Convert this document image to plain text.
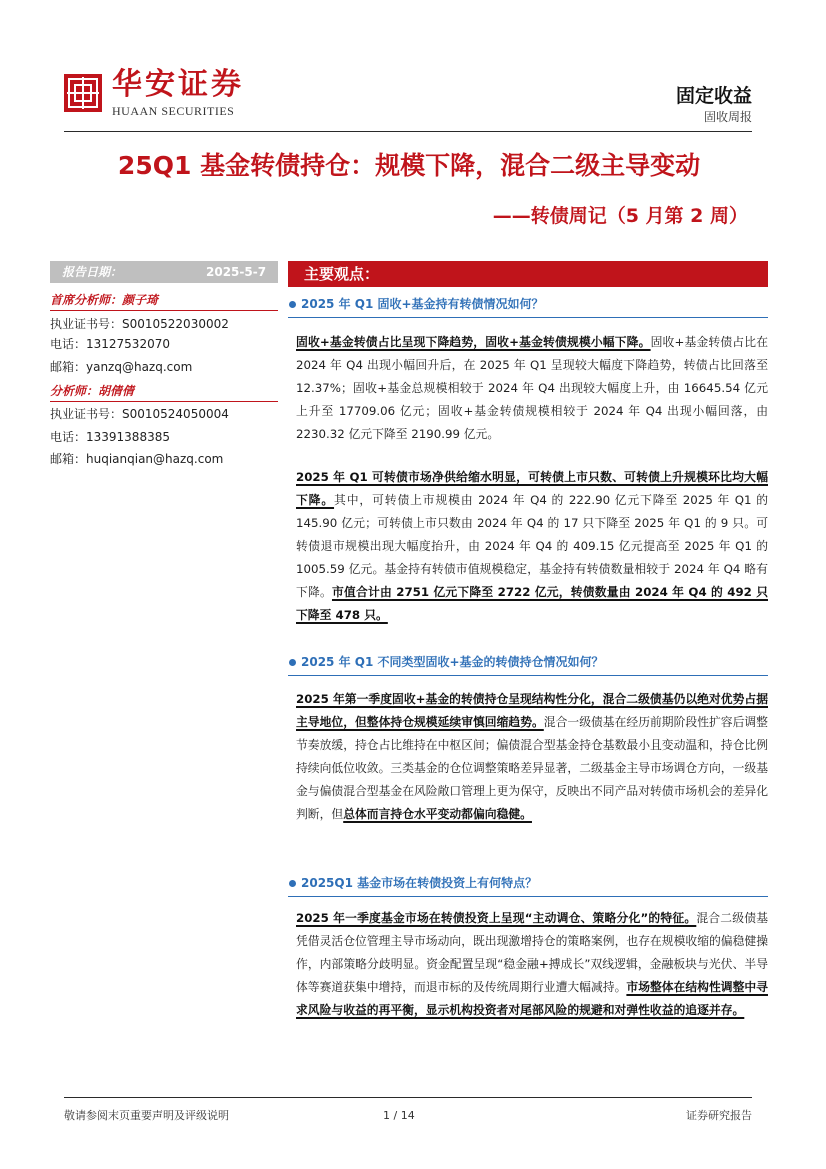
华安证券
HUAAN SECURITIES
固定收益
固收周报
25Q1 基金转债持仓：规模下降，混合二级主导变动
——转债周记（5 月第 2 周）
报告日期：	2025-5-7
首席分析师：颜子琦
执业证书号：S0010522030002
电话：13127532070
邮箱：yanzq@hazq.com
分析师：胡倩倩
执业证书号：S0010524050004
电话：13391388385
邮箱：huqianqian@hazq.com
主要观点：
2025 年 Q1 固收+基金持有转债情况如何？
固收+基金转债占比呈现下降趋势，固收+基金转债规模小幅下降。固收+基金转债占比在 2024 年 Q4 出现小幅回升后，在 2025 年 Q1 呈现较大幅度下降趋势，转债占比回落至 12.37%；固收+基金总规模相较于 2024 年 Q4 出现较大幅度上升，由 16645.54 亿元上升至 17709.06 亿元；固收+基金转债规模相较于 2024 年 Q4 出现小幅回落，由 2230.32 亿元下降至 2190.99 亿元。
2025 年 Q1 可转债市场净供给缩水明显，可转债上市只数、可转债上升规模环比均大幅下降。其中，可转债上市规模由 2024 年 Q4 的 222.90 亿元下降至 2025 年 Q1 的 145.90 亿元；可转债上市只数由 2024 年 Q4 的 17 只下降至 2025 年 Q1 的 9 只。可转债退市规模出现大幅度抬升，由 2024 年 Q4 的 409.15 亿元提高至 2025 年 Q1 的 1005.59 亿元。基金持有转债市值规模稳定，基金持有转债数量相较于 2024 年 Q4 略有下降。市值合计由 2751 亿元下降至 2722 亿元，转债数量由 2024 年 Q4 的 492 只下降至 478 只。
2025 年 Q1 不同类型固收+基金的转债持仓情况如何？
2025 年第一季度固收+基金的转债持仓呈现结构性分化，混合二级债基仍以绝对优势占据主导地位，但整体持仓规模延续审慎回缩趋势。混合一级债基在经历前期阶段性扩容后调整节奏放缓，持仓占比维持在中枢区间；偏债混合型基金持仓基数最小且变动温和，持仓比例持续向低位收敛。三类基金的仓位调整策略差异显著，二级基金主导市场调仓方向，一级基金与偏债混合型基金在风险敞口管理上更为保守，反映出不同产品对转债市场机会的差异化判断，但总体而言持仓水平变动都偏向稳健。
2025Q1 基金市场在转债投资上有何特点？
2025 年一季度基金市场在转债投资上呈现“主动调仓、策略分化”的特征。混合二级债基凭借灵活仓位管理主导市场动向，既出现激增持仓的策略案例，也存在规模收缩的偏稳健操作，内部策略分歧明显。资金配置呈现“稳金融+搏成长”双线逻辑，金融板块与光伏、半导体等赛道获集中增持，而退市标的及传统周期行业遭大幅减持。市场整体在结构性调整中寻求风险与收益的再平衡，显示机构投资者对尾部风险的规避和对弹性收益的追逐并存。
敬请参阅末页重要声明及评级说明	1 / 14	证券研究报告
